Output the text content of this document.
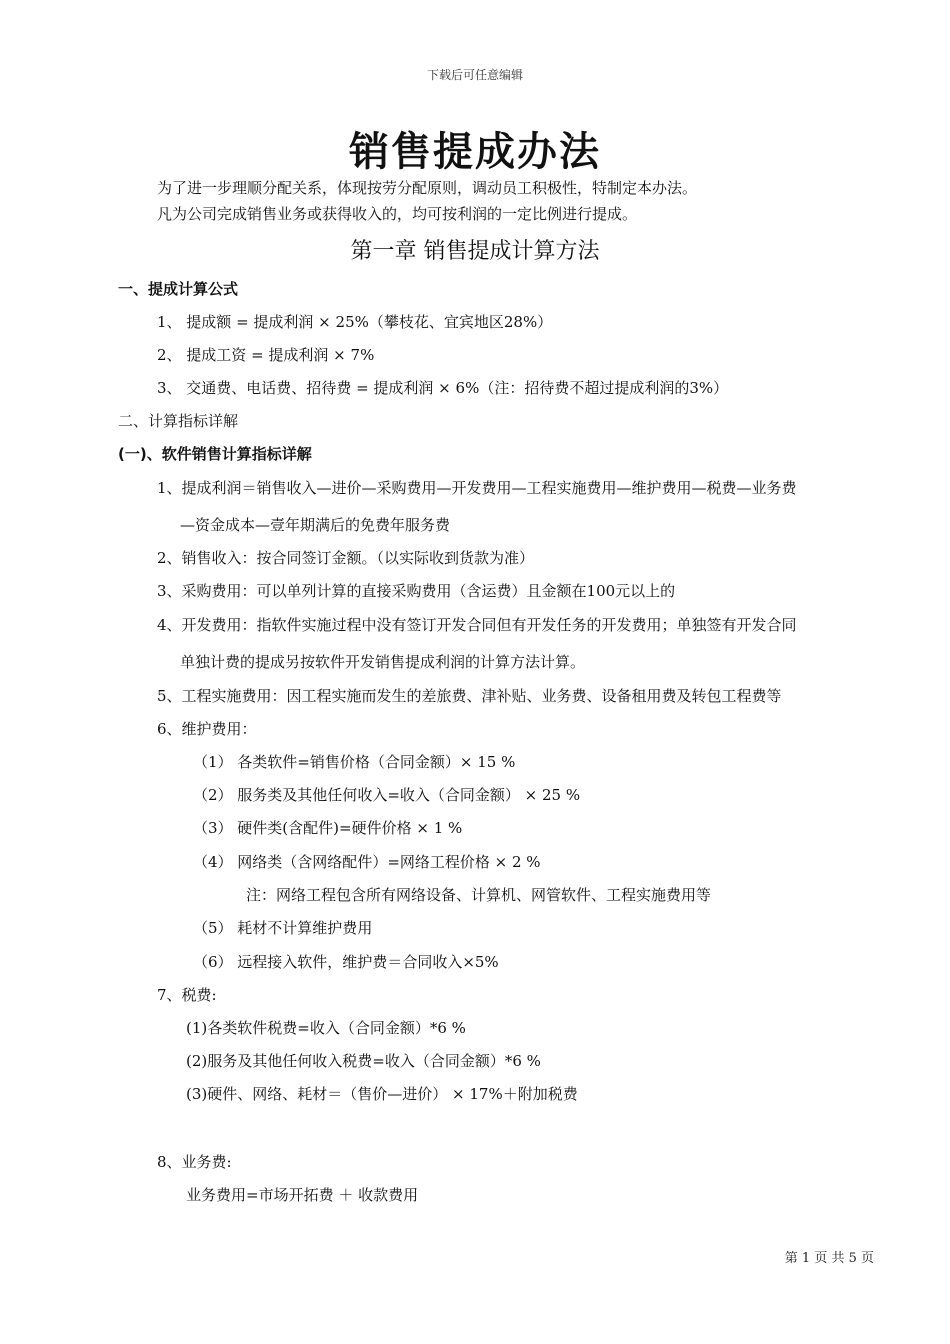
下载后可任意编辑
销售提成办法
为了进一步理顺分配关系，体现按劳分配原则，调动员工积极性，特制定本办法。
凡为公司完成销售业务或获得收入的，均可按利润的一定比例进行提成。
第一章 销售提成计算方法
一、提成计算公式
1、 提成额 = 提成利润 × 25%（攀枝花、宜宾地区28%）
2、 提成工资 = 提成利润 × 7%
3、 交通费、电话费、招待费 = 提成利润 × 6%（注：招待费不超过提成利润的3%）
二、计算指标详解
(一)、软件销售计算指标详解
1、提成利润＝销售收入—进价—采购费用—开发费用—工程实施费用—维护费用—税费—业务费
—资金成本—壹年期满后的免费年服务费
2、销售收入：按合同签订金额。（以实际收到货款为准）
3、采购费用：可以单列计算的直接采购费用（含运费）且金额在100元以上的
4、开发费用：指软件实施过程中没有签订开发合同但有开发任务的开发费用；单独签有开发合同
单独计费的提成另按软件开发销售提成利润的计算方法计算。
5、工程实施费用：因工程实施而发生的差旅费、津补贴、业务费、设备租用费及转包工程费等
6、维护费用：
（1） 各类软件=销售价格（合同金额）× 15 %
（2） 服务类及其他任何收入=收入（合同金额） × 25 %
（3） 硬件类(含配件)=硬件价格 × 1 %
（4） 网络类（含网络配件）=网络工程价格 × 2 %
注：网络工程包含所有网络设备、计算机、网管软件、工程实施费用等
（5） 耗材不计算维护费用
（6） 远程接入软件，维护费＝合同收入×5%
7、税费:
(1)各类软件税费=收入（合同金额）*6 %
(2)服务及其他任何收入税费=收入（合同金额）*6 %
(3)硬件、网络、耗材＝（售价—进价） × 17%＋附加税费
8、业务费:
业务费用=市场开拓费 ＋ 收款费用
第 1 页 共 5 页
